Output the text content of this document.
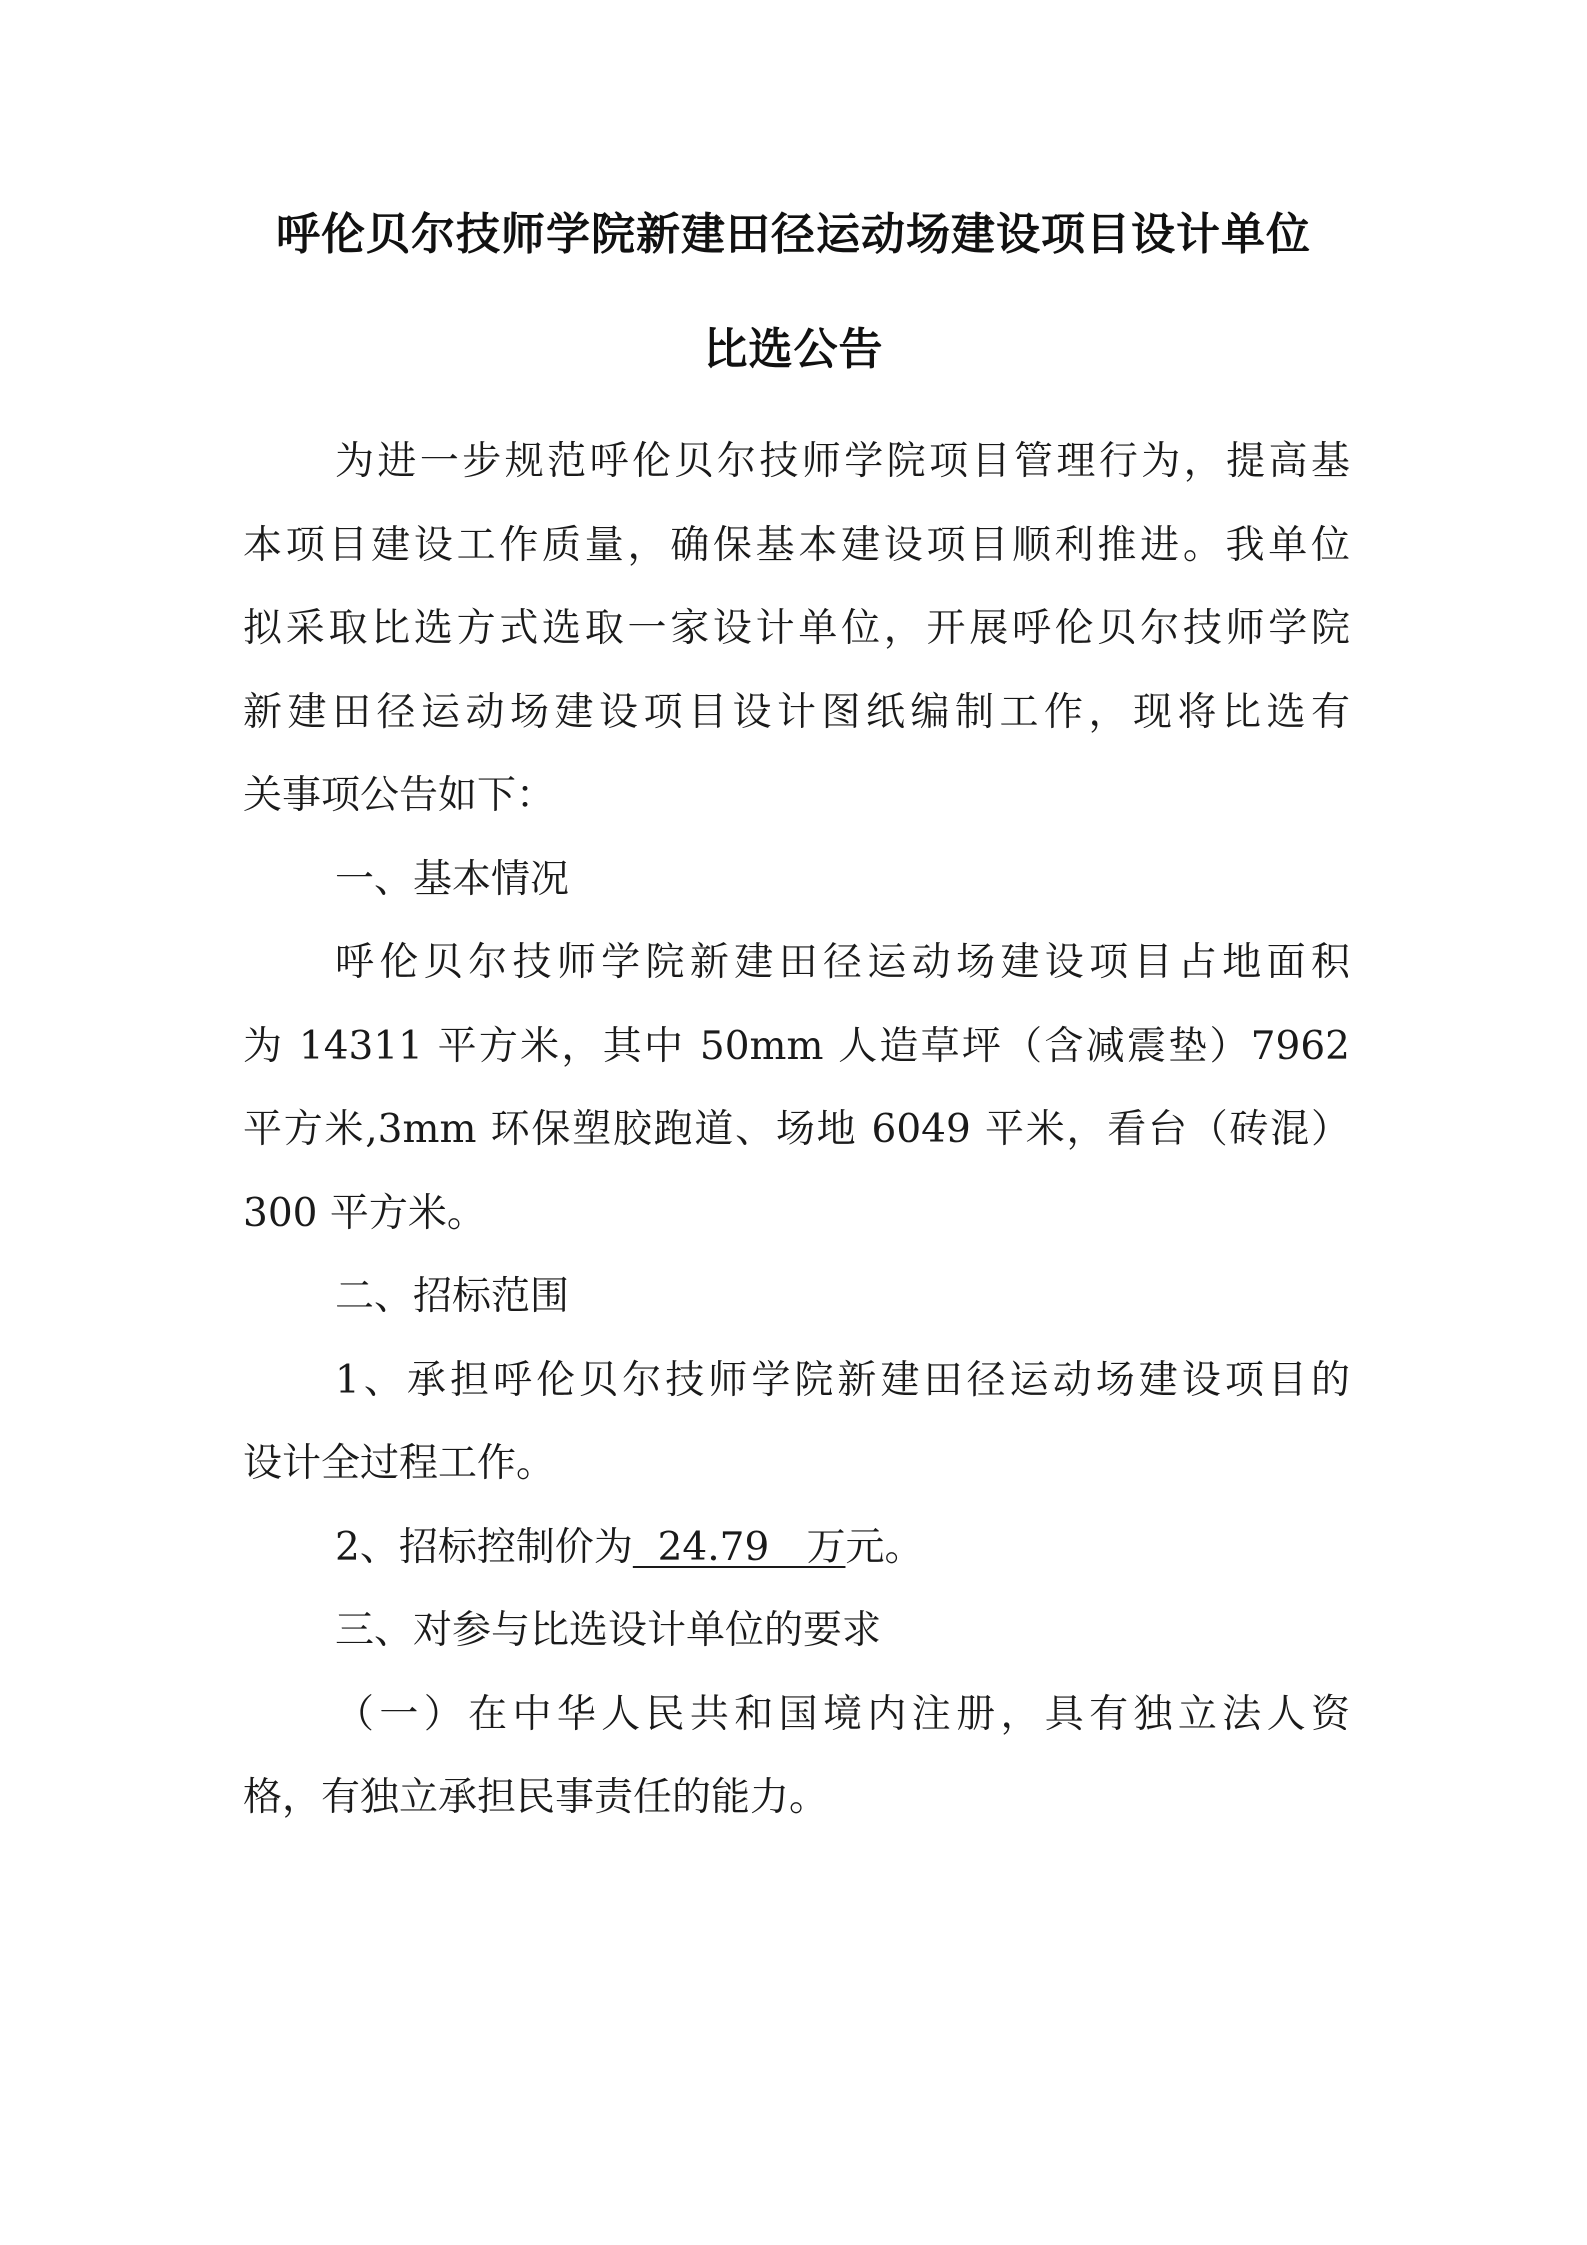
呼伦贝尔技师学院新建田径运动场建设项目设计单位
比选公告
为进一步规范呼伦贝尔技师学院项目管理行为，提高基
本项目建设工作质量，确保基本建设项目顺利推进。我单位
拟采取比选方式选取一家设计单位，开展呼伦贝尔技师学院
新建田径运动场建设项目设计图纸编制工作，现将比选有
关事项公告如下：
一、基本情况
呼伦贝尔技师学院新建田径运动场建设项目占地面积
为 14311 平方米，其中 50mm 人造草坪（含减震垫）7962
平方米,3mm 环保塑胶跑道、场地 6049 平米，看台（砖混）
300 平方米。
二、招标范围
1、承担呼伦贝尔技师学院新建田径运动场建设项目的
设计全过程工作。
2、招标控制价为  24.79   万元。
三、对参与比选设计单位的要求
（一）在中华人民共和国境内注册，具有独立法人资
格，有独立承担民事责任的能力。
